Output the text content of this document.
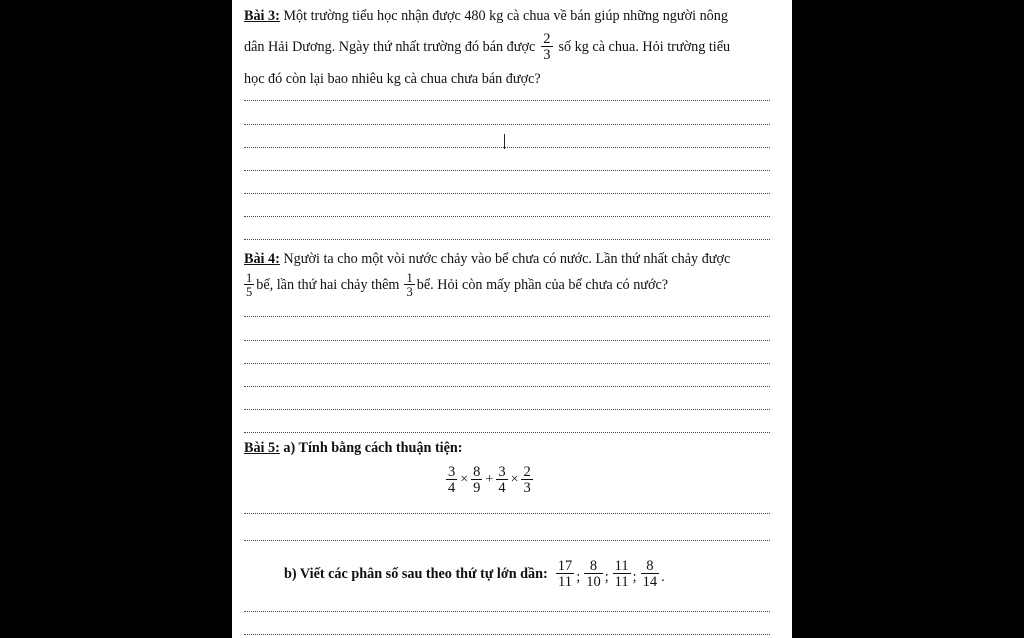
Bài 3: Một trường tiểu học nhận được 480 kg cà chua về bán giúp những người nông
dân Hải Dương. Ngày thứ nhất trường đó bán được $\frac{2}{3}$ số kg cà chua. Hỏi trường tiểu
học đó còn lại bao nhiêu kg cà chua chưa bán được?
Bài 4: Người ta cho một vòi nước chảy vào bể chưa có nước. Lần thứ nhất chảy được
$\frac{1}{5}$ bể, lần thứ hai chảy thêm $\frac{1}{3}$ bể. Hỏi còn mấy phần của bể chưa có nước?
Bài 5: a) Tính bằng cách thuận tiện:
$\frac{3}{4} \times \frac{8}{9} + \frac{3}{4} \times \frac{2}{3}$
b) Viết các phân số sau theo thứ tự lớn dần: $\frac{17}{11}$ ; $\frac{8}{10}$ ; $\frac{11}{11}$ ; $\frac{8}{14}$ .
